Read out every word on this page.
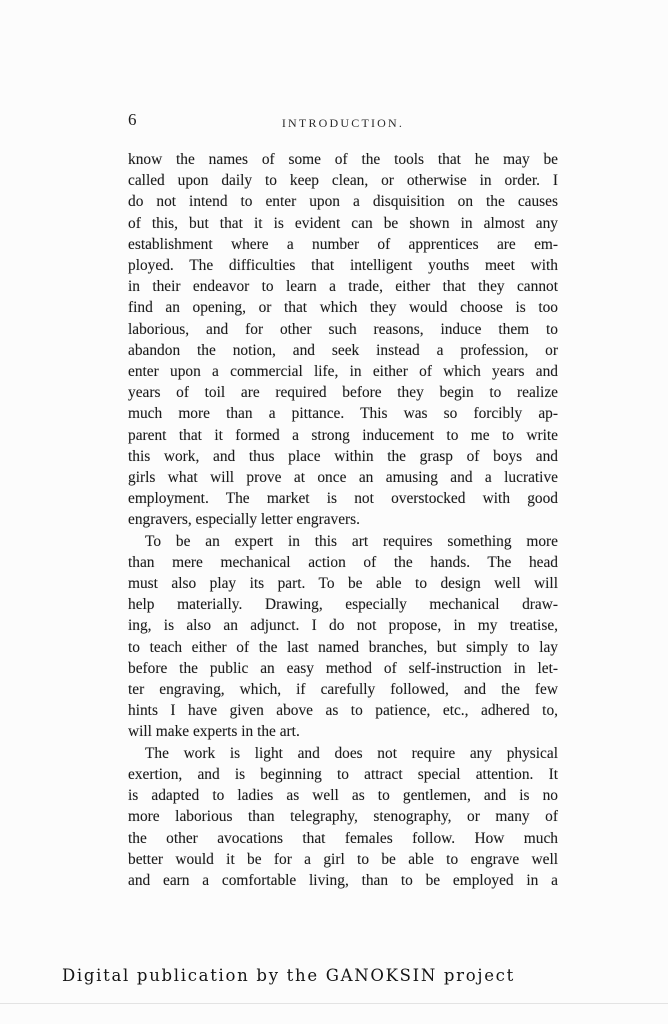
6	INTRODUCTION.
know the names of some of the tools that he may be
called upon daily to keep clean, or otherwise in order. I
do not intend to enter upon a disquisition on the causes
of this, but that it is evident can be shown in almost any
establishment where a number of apprentices are em-
ployed. The difficulties that intelligent youths meet with
in their endeavor to learn a trade, either that they cannot
find an opening, or that which they would choose is too
laborious, and for other such reasons, induce them to
abandon the notion, and seek instead a profession, or
enter upon a commercial life, in either of which years and
years of toil are required before they begin to realize
much more than a pittance. This was so forcibly ap-
parent that it formed a strong inducement to me to write
this work, and thus place within the grasp of boys and
girls what will prove at once an amusing and a lucrative
employment. The market is not overstocked with good
engravers, especially letter engravers.
To be an expert in this art requires something more
than mere mechanical action of the hands. The head
must also play its part. To be able to design well will
help materially. Drawing, especially mechanical draw-
ing, is also an adjunct. I do not propose, in my treatise,
to teach either of the last named branches, but simply to lay
before the public an easy method of self-instruction in let-
ter engraving, which, if carefully followed, and the few
hints I have given above as to patience, etc., adhered to,
will make experts in the art.
The work is light and does not require any physical
exertion, and is beginning to attract special attention. It
is adapted to ladies as well as to gentlemen, and is no
more laborious than telegraphy, stenography, or many of
the other avocations that females follow. How much
better would it be for a girl to be able to engrave well
and earn a comfortable living, than to be employed in a
Digital publication by the GANOKSIN project
